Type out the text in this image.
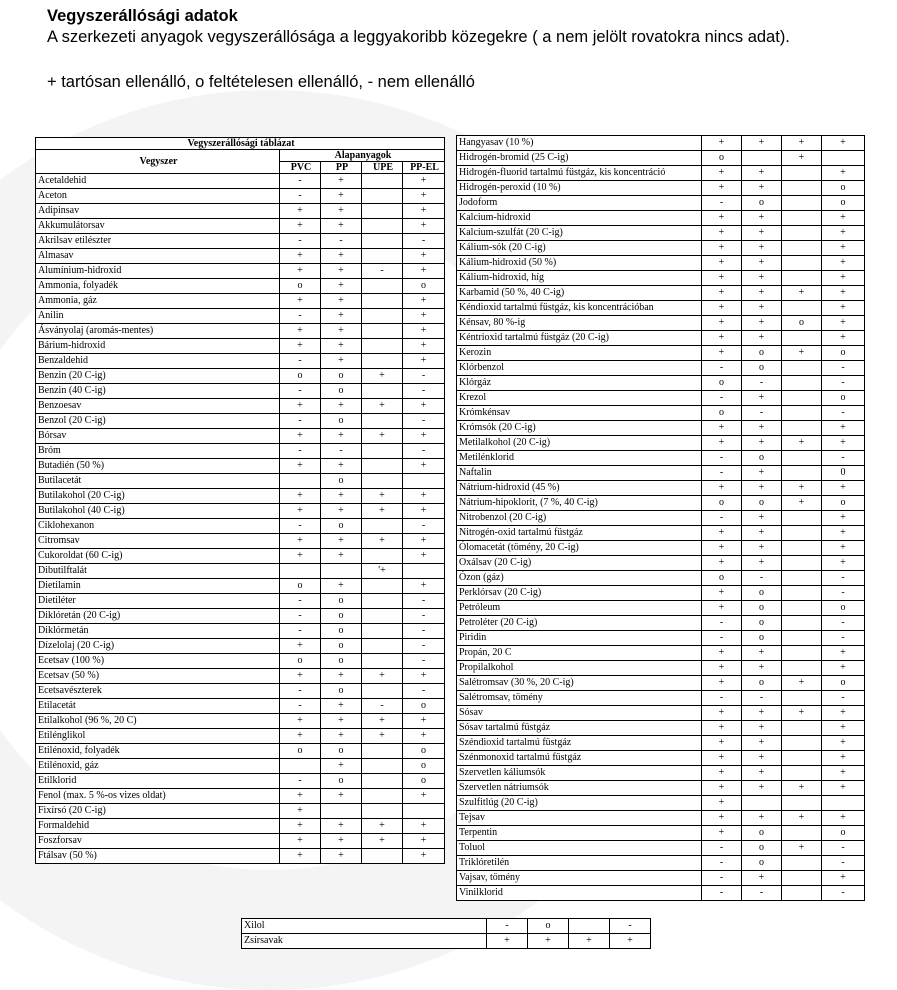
Vegyszerállósági adatok
A szerkezeti anyagok vegyszerállósága a leggyakoribb közegekre ( a nem jelölt rovatokra nincs adat).
+ tartósan ellenálló, o feltételesen ellenálló, - nem ellenálló
Vegyszerállósági táblázat				
Vegyszer	Alapanyagok			
	PVC	PP	ÜPE	PP-EL
Acetaldehid	-	+		+
Aceton	-	+		+
Adipinsav	+	+		+
Akkumulátorsav	+	+		+
Akrilsav etilészter	-	-		-
Almasav	+	+		+
Alumínium-hidroxid	+	+	-	+
Ammonia, folyadék	o	+		o
Ammonia, gáz	+	+		+
Anilin	-	+		+
Ásványolaj (aromás-mentes)	+	+		+
Bárium-hidroxid	+	+		+
Benzaldehid	-	+		+
Benzin (20 C-ig)	o	o	+	-
Benzin (40 C-ig)	-	o		-
Benzoesav	+	+	+	+
Benzol (20 C-ig)	-	o		-
Bórsav	+	+	+	+
Bróm	-	-		-
Butadién (50 %)	+	+		+
Butilacetát		o		
Butilakohol (20 C-ig)	+	+	+	+
Butilakohol (40 C-ig)	+	+	+	+
Ciklohexanon	-	o		-
Citromsav	+	+	+	+
Cukoroldat (60 C-ig)	+	+		+
Dibutilftalát			'+	
Dietilamin	o	+		+
Dietiléter	-	o		-
Diklóretán (20 C-ig)	-	o		-
Diklórmetán	-	o		-
Dízelolaj (20 C-ig)	+	o		-
Ecetsav (100 %)	o	o		-
Ecetsav (50 %)	+	+	+	+
Ecetsavészterek	-	o		-
Etilacetát	-	+	-	o
Etilalkohol (96 %, 20 C)	+	+	+	+
Etilénglikol	+	+	+	+
Etilénoxid, folyadék	o	o		o
Etilénoxid, gáz		+		o
Etilklorid	-	o		o
Fenol (max. 5 %-os vizes oldat)	+	+		+
Fixírsó (20 C-ig)	+			
Formaldehid	+	+	+	+
Foszforsav	+	+	+	+
Ftálsav (50 %)	+	+		+
Hangyasav (10 %)	+	+	+	+
Hidrogén-bromid (25 C-ig)	o		+	
Hidrogén-fluorid tartalmú füstgáz, kis koncentráció	+	+		+
Hidrogén-peroxid (10 %)	+	+		o
Jodoform	-	o		o
Kalcium-hidroxid	+	+		+
Kalcium-szulfát (20 C-ig)	+	+		+
Kálium-sók (20 C-ig)	+	+		+
Kálium-hidroxid (50 %)	+	+		+
Kálium-hidroxid, híg	+	+		+
Karbamid (50 %, 40 C-ig)	+	+	+	+
Kéndioxid tartalmú füstgáz, kis koncentrációban	+	+		+
Kénsav, 80 %-ig	+	+	o	+
Kéntrioxid tartalmú füstgáz (20 C-ig)	+	+		+
Kerozin	+	o	+	o
Klórbenzol	-	o		-
Klórgáz	o	-		-
Krezol	-	+		o
Krómkénsav	o	-		-
Krómsók (20 C-ig)	+	+		+
Metilalkohol (20 C-ig)	+	+	+	+
Metilénklorid	-	o		-
Naftalin	-	+		0
Nátrium-hidroxid (45 %)	+	+	+	+
Nátrium-hipoklorit, (7 %, 40 C-ig)	o	o	+	o
Nitrobenzol (20 C-ig)	-	+		+
Nitrogén-oxid tartalmú füstgáz	+	+		+
Ólomacetát (tömény, 20 C-ig)	+	+		+
Oxálsav (20 C-ig)	+	+		+
Ózon (gáz)	o	-		-
Perklórsav (20 C-ig)	+	o		-
Petróleum	+	o		o
Petroléter (20 C-ig)	-	o		-
Piridin	-	o		-
Propán, 20 C	+	+		+
Propilalkohol	+	+		+
Salétromsav (30 %, 20 C-ig)	+	o	+	o
Salétromsav, tömény	-	-		-
Sósav	+	+	+	+
Sósav tartalmú füstgáz	+	+		+
Széndioxid tartalmú füstgáz	+	+		+
Szénmonoxid tartalmú füstgáz	+	+		+
Szervetlen káliumsók	+	+		+
Szervetlen nátriumsók	+	+	+	+
Szulfitlúg (20 C-ig)	+			
Tejsav	+	+	+	+
Terpentin	+	o		o
Toluol	-	o	+	-
Triklóretilén	-	o		-
Vajsav, tömény	-	+		+
Vinilklorid	-	-		-
Xilol	-	o		-
Zsírsavak	+	+	+	+
